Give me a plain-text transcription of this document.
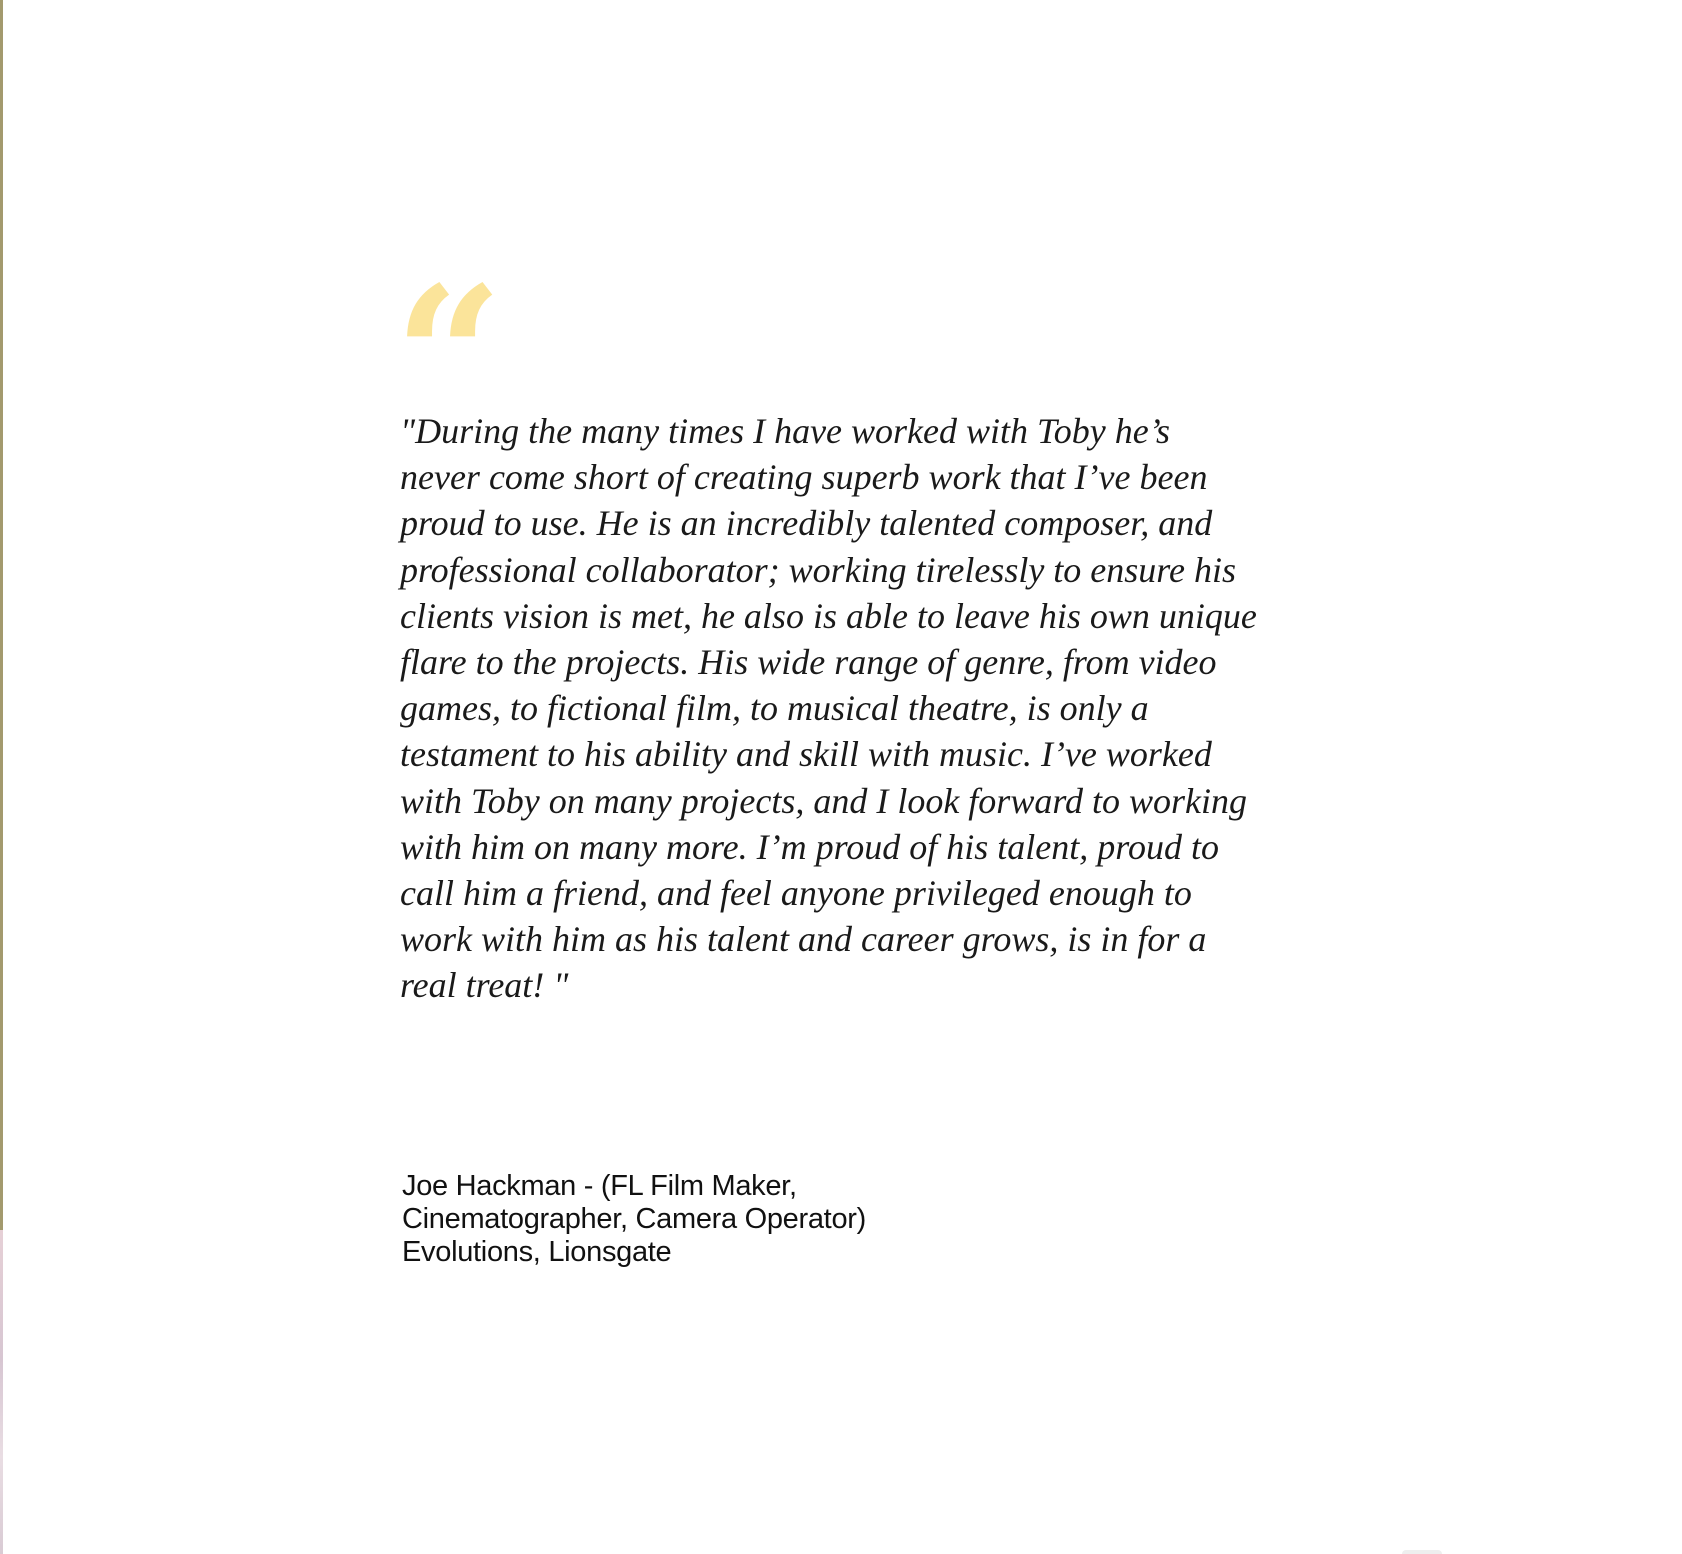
“

"During the many times I have worked with Toby he’s
never come short of creating superb work that I’ve been
proud to use. He is an incredibly talented composer, and
professional collaborator; working tirelessly to ensure his
clients vision is met, he also is able to leave his own unique
flare to the projects. His wide range of genre, from video
games, to fictional film, to musical theatre, is only a
testament to his ability and skill with music. I’ve worked
with Toby on many projects, and I look forward to working
with him on many more. I’m proud of his talent, proud to
call him a friend, and feel anyone privileged enough to
work with him as his talent and career grows, is in for a
real treat! "

Joe Hackman - (FL Film Maker,
Cinematographer, Camera Operator)
Evolutions, Lionsgate
